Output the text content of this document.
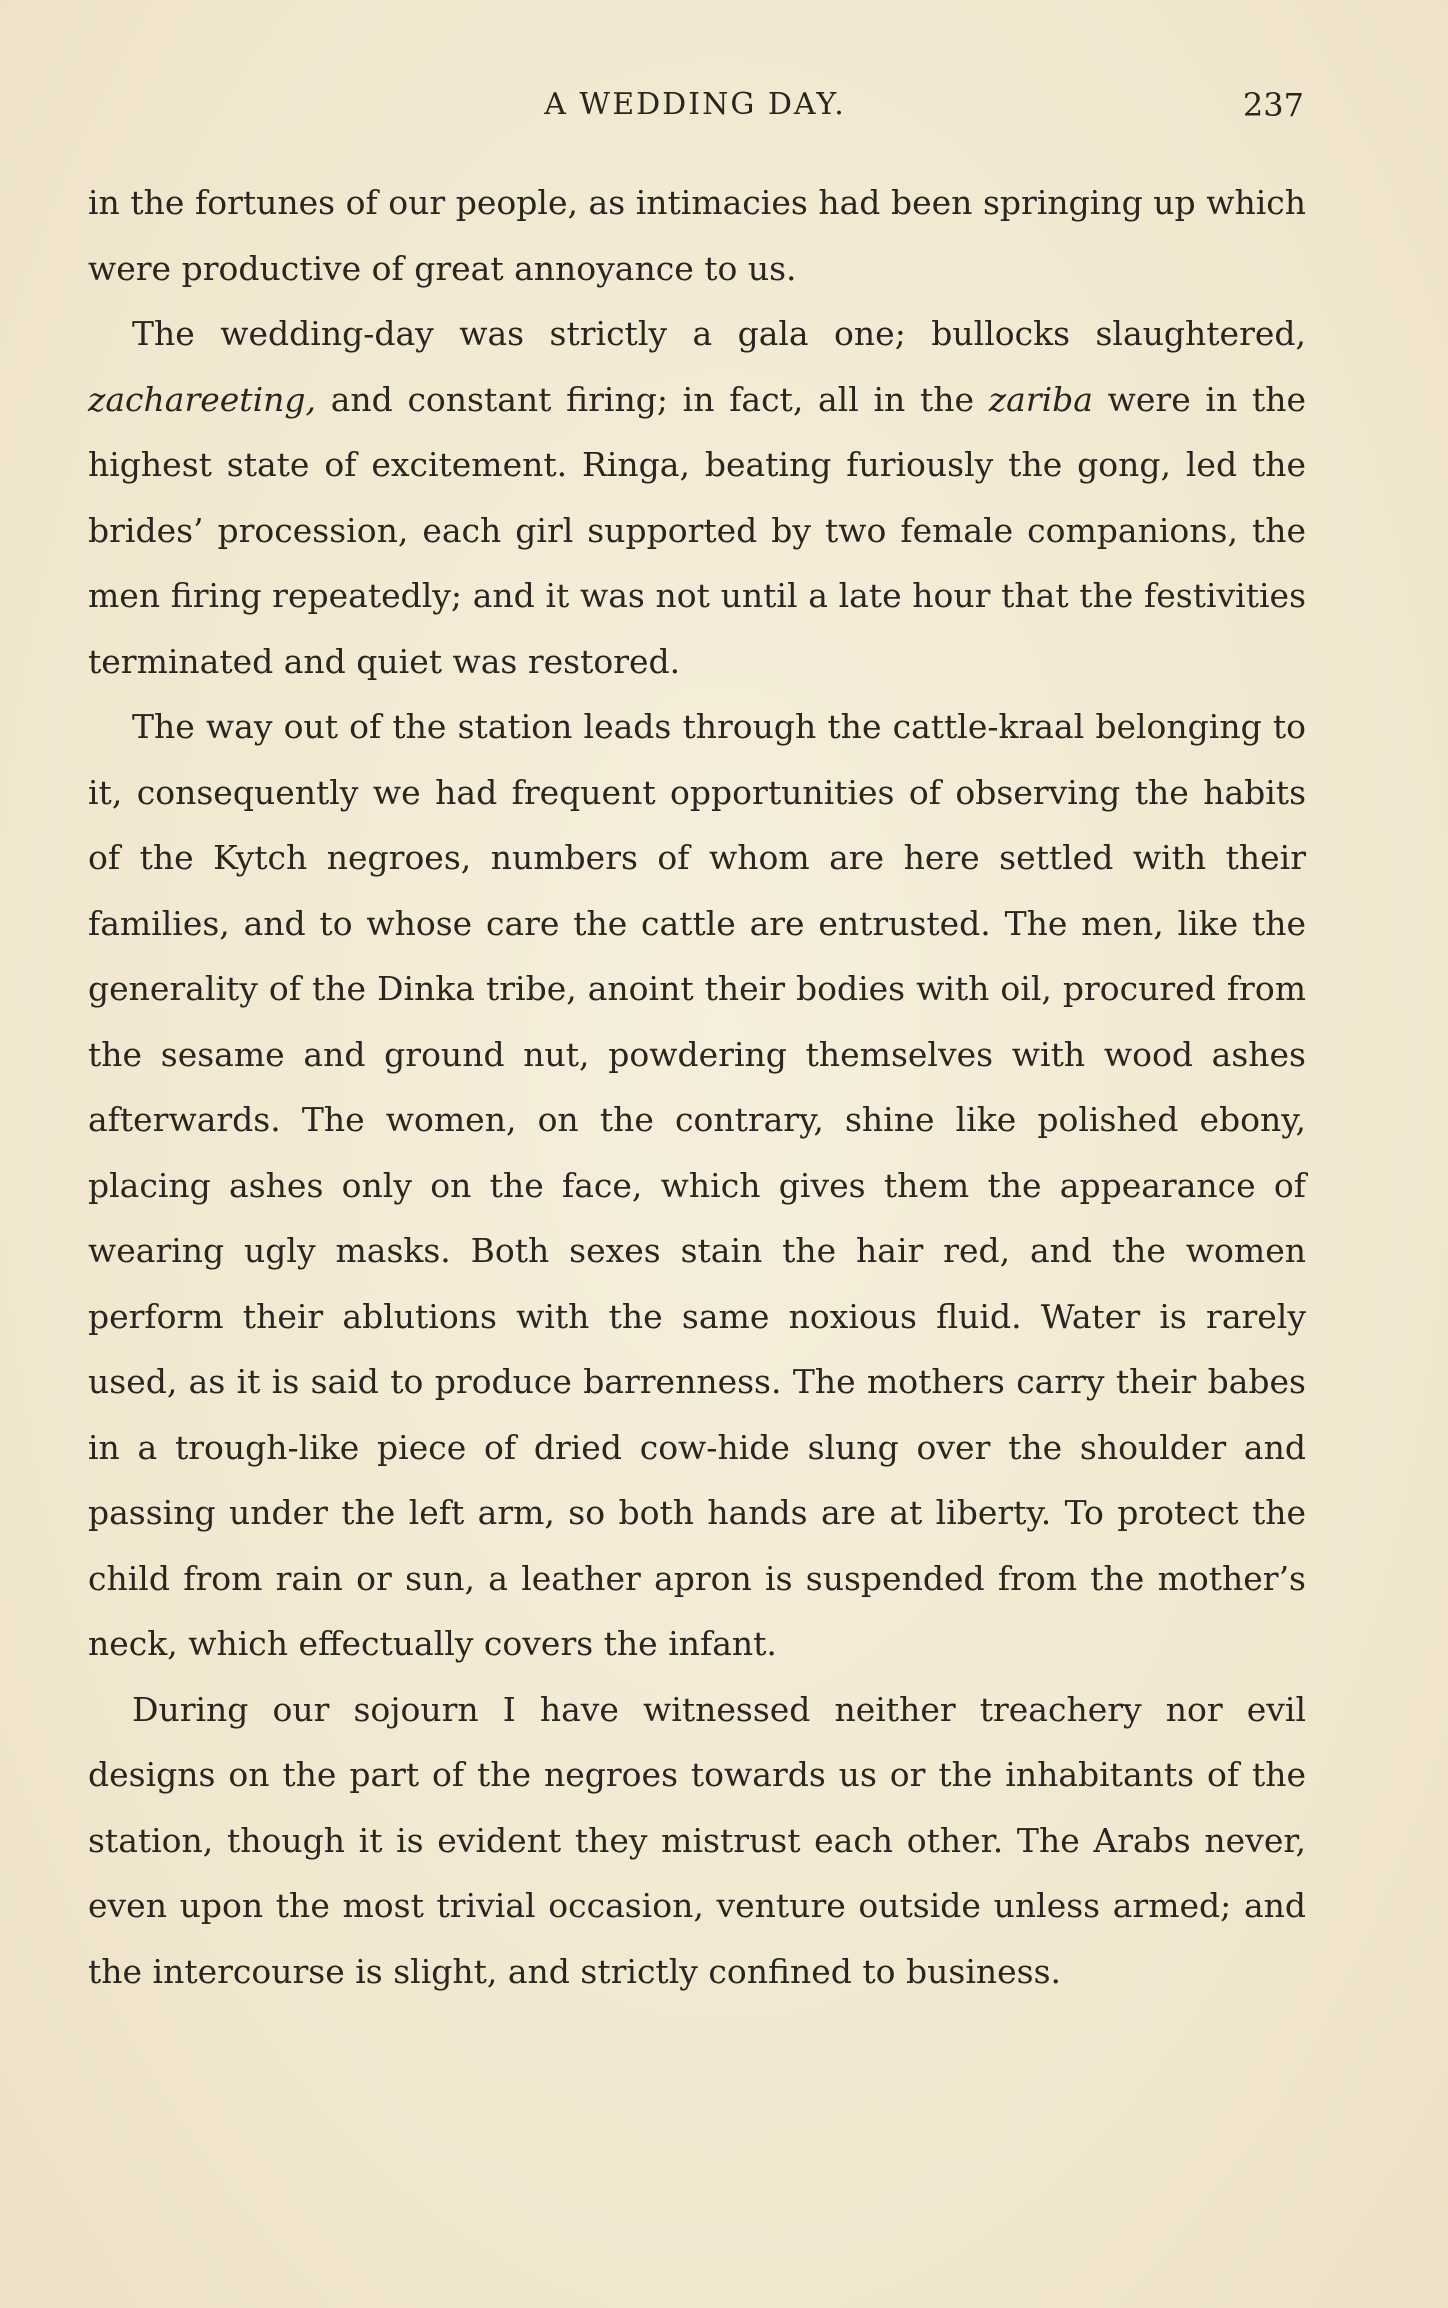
A WEDDING DAY.	237

in the fortunes of our people, as intimacies had been springing up which were productive of great annoyance to us.

The wedding-day was strictly a gala one; bullocks slaughtered, zachareeting, and constant firing; in fact, all in the zariba were in the highest state of excitement. Ringa, beating furiously the gong, led the brides’ procession, each girl supported by two female companions, the men firing repeatedly; and it was not until a late hour that the festivities terminated and quiet was restored.

The way out of the station leads through the cattle-kraal belonging to it, consequently we had frequent opportunities of observing the habits of the Kytch negroes, numbers of whom are here settled with their families, and to whose care the cattle are entrusted. The men, like the generality of the Dinka tribe, anoint their bodies with oil, procured from the sesame and ground nut, powdering themselves with wood ashes afterwards. The women, on the contrary, shine like polished ebony, placing ashes only on the face, which gives them the appearance of wearing ugly masks. Both sexes stain the hair red, and the women perform their ablutions with the same noxious fluid. Water is rarely used, as it is said to produce barrenness. The mothers carry their babes in a trough-like piece of dried cow-hide slung over the shoulder and passing under the left arm, so both hands are at liberty. To protect the child from rain or sun, a leather apron is suspended from the mother’s neck, which effectually covers the infant.

During our sojourn I have witnessed neither treachery nor evil designs on the part of the negroes towards us or the inhabitants of the station, though it is evident they mistrust each other. The Arabs never, even upon the most trivial occasion, venture outside unless armed; and the intercourse is slight, and strictly confined to business.
